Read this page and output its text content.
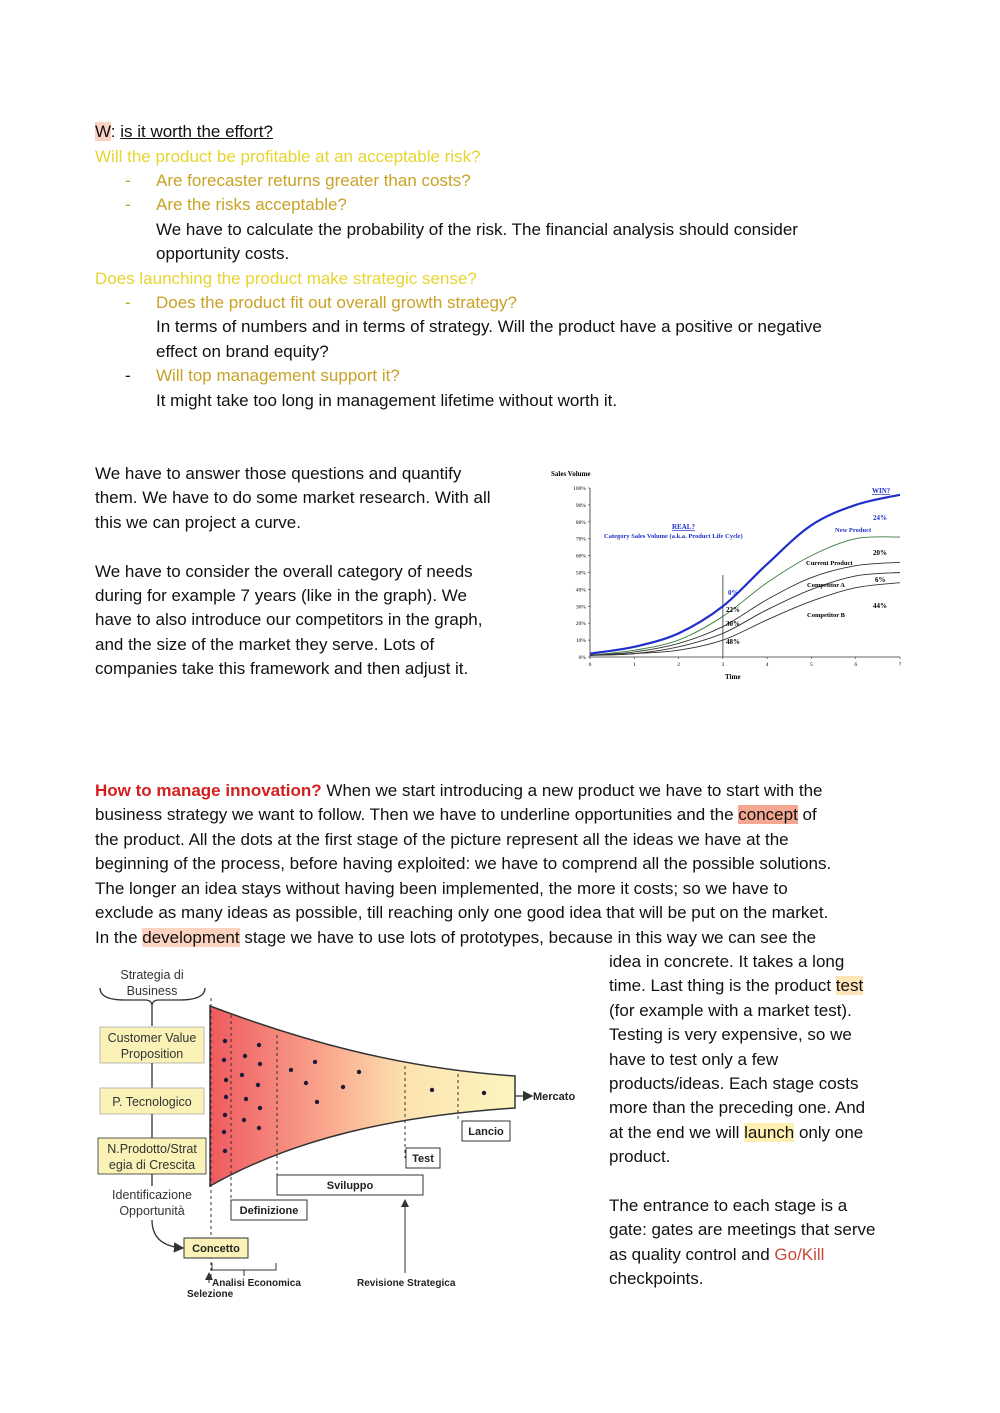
W: is it worth the effort?
Will the product be profitable at an acceptable risk?
- Are forecaster returns greater than costs?
- Are the risks acceptable?
We have to calculate the probability of the risk. The financial analysis should consider
opportunity costs.
Does launching the product make strategic sense?
- Does the product fit out overall growth strategy?
In terms of numbers and in terms of strategy. Will the product have a positive or negative
effect on brand equity?
- Will top management support it?
It might take too long in management lifetime without worth it.
We have to answer those questions and quantify
them. We have to do some market research. With all
this we can project a curve.
We have to consider the overall category of needs
during for example 7 years (like in the graph). We
have to also introduce our competitors in the graph,
and the size of the market they serve. Lots of
companies take this framework and then adjust it.
Sales Volume
100%
90%
80%
70%
60%
50%
40%
30%
20%
10%
0%
0	1	2	3	4	5	6	7
WIN?
REAL?
Category Sales Volume (a.k.a. Product Life Cycle)
New Product
Current Product
Competitor A
Competitor B
24%
20%
6%
44%
0%
22%
30%
48%
Time
How to manage innovation? When we start introducing a new product we have to start with the
business strategy we want to follow. Then we have to underline opportunities and the concept of
the product. All the dots at the first stage of the picture represent all the ideas we have at the
beginning of the process, before having exploited: we have to comprend all the possible solutions.
The longer an idea stays without having been implemented, the more it costs; so we have to
exclude as many ideas as possible, till reaching only one good idea that will be put on the market.
In the development stage we have to use lots of prototypes, because in this way we can see the
idea in concrete. It takes a long
time. Last thing is the product test
(for example with a market test).
Testing is very expensive, so we
have to test only a few
products/ideas. Each stage costs
more than the preceding one. And
at the end we will launch only one
product.
The entrance to each stage is a
gate: gates are meetings that serve
as quality control and Go/Kill
checkpoints.
Strategia di
Business
Customer Value
Proposition
P. Tecnologico
N.Prodotto/Strat
egia di Crescita
Identificazione
Opportunità
Mercato
Lancio
Test
Sviluppo
Definizione
Concetto
Analisi Economica
Selezione
Revisione Strategica
